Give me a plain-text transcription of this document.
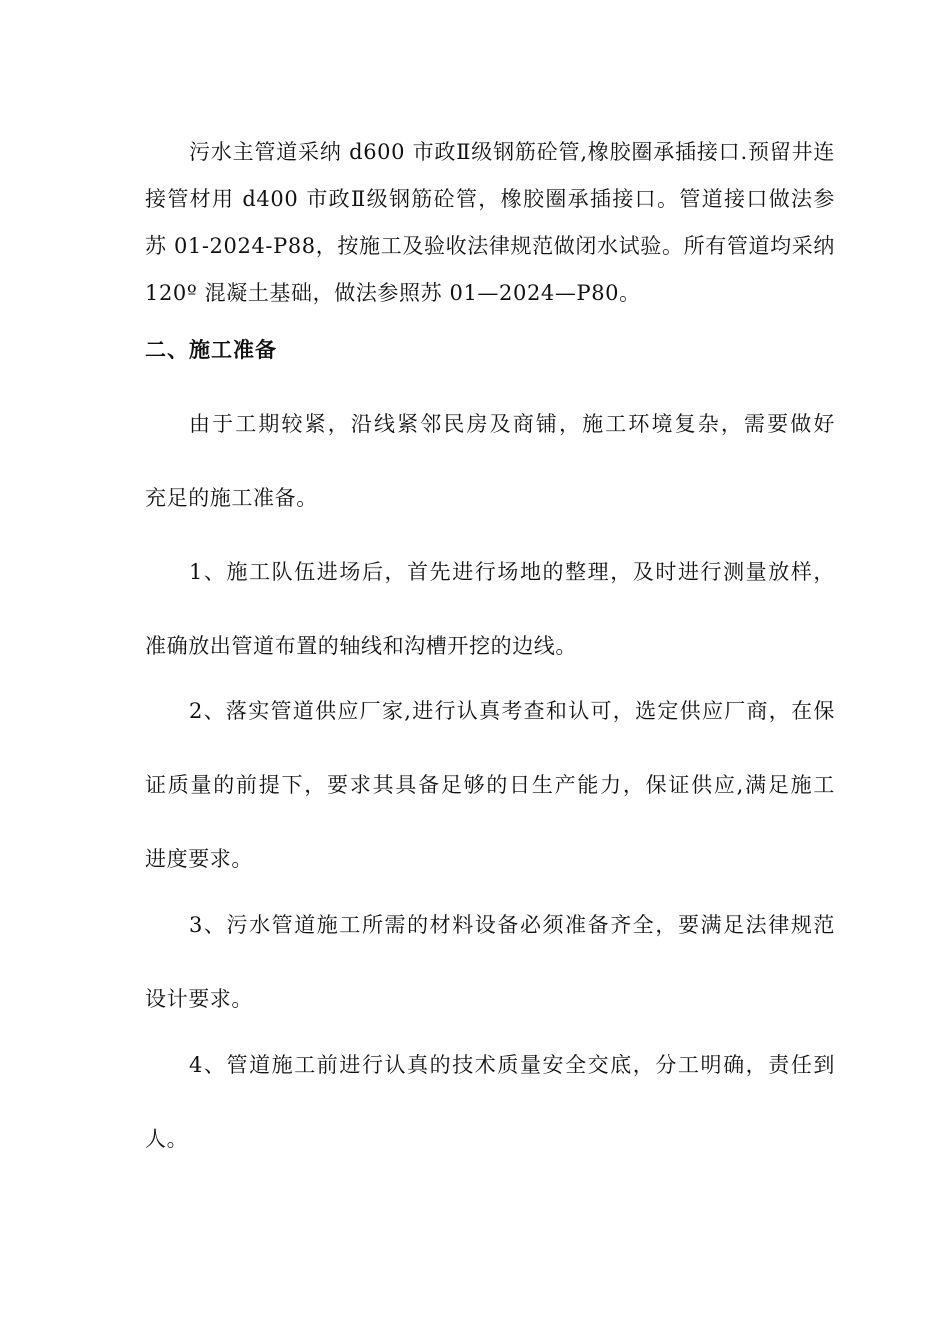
污水主管道采纳 d600 市政Ⅱ级钢筋砼管,橡胶圈承插接口.预留井连
接管材用 d400 市政Ⅱ级钢筋砼管，橡胶圈承插接口。管道接口做法参
苏 01-2024-P88，按施工及验收法律规范做闭水试验。所有管道均采纳
120º 混凝土基础，做法参照苏 01—2024—P80。
二、施工准备
由于工期较紧，沿线紧邻民房及商铺，施工环境复杂，需要做好
充足的施工准备。
1、施工队伍进场后，首先进行场地的整理，及时进行测量放样，
准确放出管道布置的轴线和沟槽开挖的边线。
2、落实管道供应厂家,进行认真考查和认可，选定供应厂商，在保
证质量的前提下，要求其具备足够的日生产能力，保证供应,满足施工
进度要求。
3、污水管道施工所需的材料设备必须准备齐全，要满足法律规范
设计要求。
4、管道施工前进行认真的技术质量安全交底，分工明确，责任到
人。
